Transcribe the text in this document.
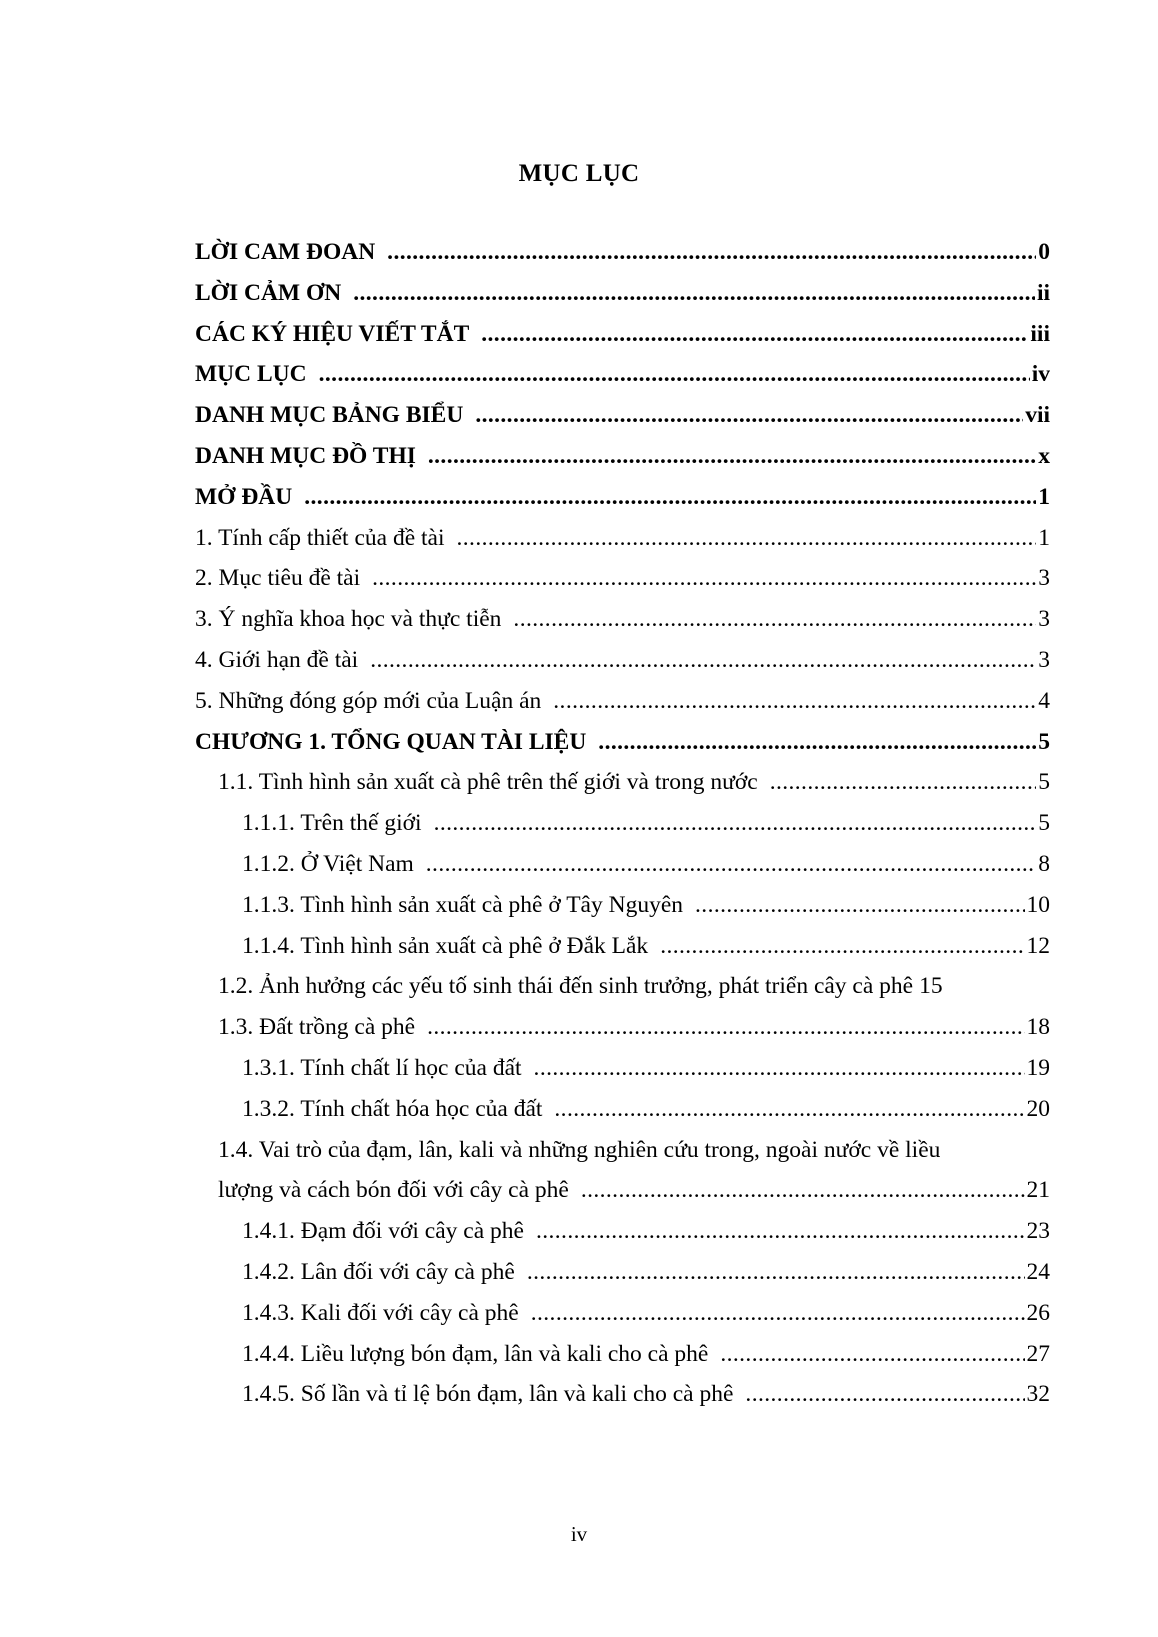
MỤC LỤC
LỜI CAM ĐOAN .....	0
LỜI CẢM ƠN .....	ii
CÁC KÝ HIỆU VIẾT TẮT .....	iii
MỤC LỤC .....	iv
DANH MỤC BẢNG BIỂU .....	vii
DANH MỤC ĐỒ THỊ .....	x
MỞ ĐẦU .....	1
1. Tính cấp thiết của đề tài .....	1
2. Mục tiêu đề tài .....	3
3. Ý nghĩa khoa học và thực tiễn .....	3
4. Giới hạn đề tài .....	3
5. Những đóng góp mới của Luận án .....	4
CHƯƠNG 1. TỔNG QUAN TÀI LIỆU .....	5
1.1. Tình hình sản xuất cà phê trên thế giới và trong nước .....	5
1.1.1. Trên thế giới .....	5
1.1.2. Ở Việt Nam .....	8
1.1.3. Tình hình sản xuất cà phê ở Tây Nguyên .....	10
1.1.4. Tình hình sản xuất cà phê ở Đắk Lắk .....	12
1.2. Ảnh hưởng các yếu tố sinh thái đến sinh trưởng, phát triển cây cà phê 15
1.3. Đất trồng cà phê .....	18
1.3.1. Tính chất lí học của đất .....	19
1.3.2. Tính chất hóa học của đất .....	20
1.4. Vai trò của đạm, lân, kali và những nghiên cứu trong, ngoài nước về liều
lượng và cách bón đối với cây cà phê .....	21
1.4.1. Đạm đối với cây cà phê .....	23
1.4.2. Lân đối với cây cà phê .....	24
1.4.3. Kali đối với cây cà phê .....	26
1.4.4. Liều lượng bón đạm, lân và kali cho cà phê .....	27
1.4.5. Số lần và tỉ lệ bón đạm, lân và kali cho cà phê .....	32
iv
